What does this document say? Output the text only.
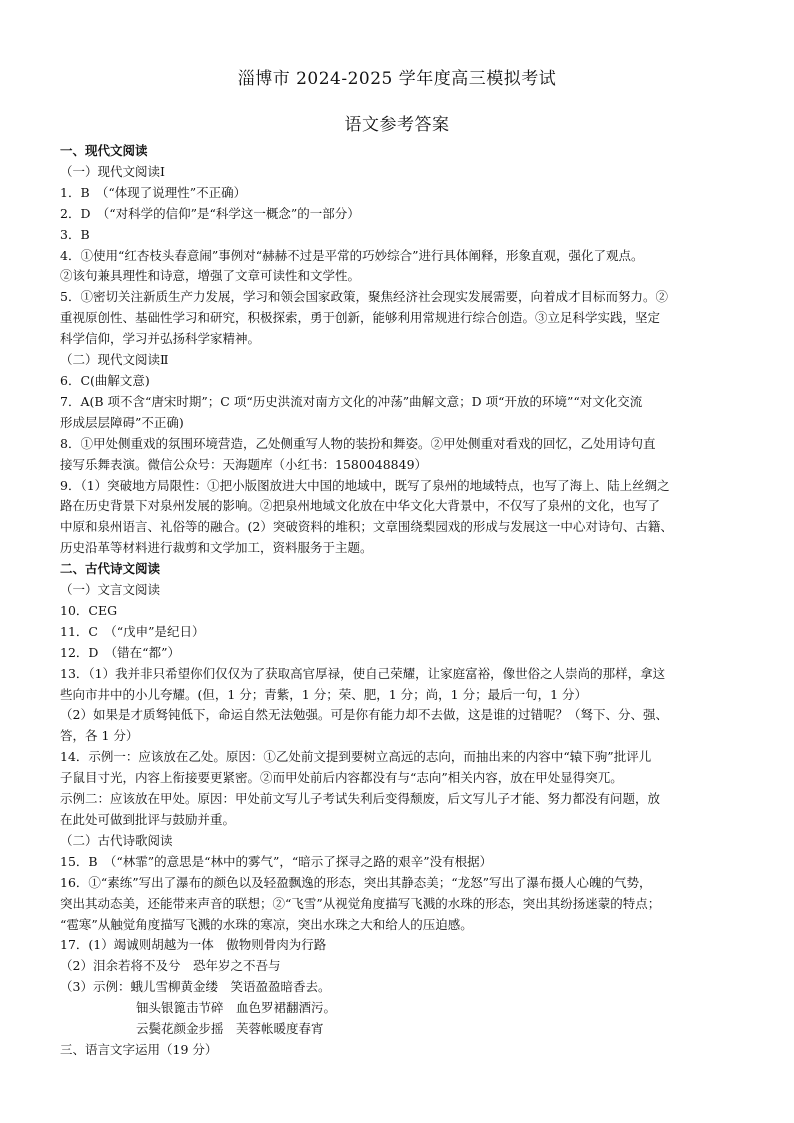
淄博市 2024-2025 学年度高三模拟考试
语文参考答案

一、现代文阅读

（一）现代文阅读Ⅰ

1．B　（“体现了说理性”不正确）

2．D　（“对科学的信仰”是“科学这一概念”的一部分）

3．B

4．①使用“红杏枝头春意闹”事例对“赫赫不过是平常的巧妙综合”进行具体阐释，形象直观，强化了观点。

②该句兼具理性和诗意，增强了文章可读性和文学性。

5．①密切关注新质生产力发展，学习和领会国家政策，聚焦经济社会现实发展需要，向着成才目标而努力。②

重视原创性、基础性学习和研究，积极探索，勇于创新，能够利用常规进行综合创造。③立足科学实践，坚定

科学信仰，学习并弘扬科学家精神。

（二）现代文阅读Ⅱ

6．C(曲解文意)

7．A(B 项不含“唐宋时期”；C 项“历史洪流对南方文化的冲荡”曲解文意；D 项“开放的环境”“对文化交流

形成层层障碍”不正确)

8．①甲处侧重戏的氛围环境营造，乙处侧重写人物的装扮和舞姿。②甲处侧重对看戏的回忆，乙处用诗句直

接写乐舞表演。微信公众号：天海题库（小红书：1580048849）

9．（1）突破地方局限性：①把小版图放进大中国的地域中，既写了泉州的地域特点，也写了海上、陆上丝绸之

路在历史背景下对泉州发展的影响。②把泉州地域文化放在中华文化大背景中，不仅写了泉州的文化，也写了

中原和泉州语言、礼俗等的融合。(2）突破资料的堆积；文章围绕梨园戏的形成与发展这一中心对诗句、古籍、

历史沿革等材料进行裁剪和文学加工，资料服务于主题。

二、古代诗文阅读

（一）文言文阅读

10．CEG

11．C　（“戊申”是纪日）

12．D　（错在“都”）

13．（1）我并非只希望你们仅仅为了获取高官厚禄，使自己荣耀，让家庭富裕，像世俗之人崇尚的那样，拿这

些向市井中的小儿夸耀。(但，1 分；青紫，1 分；荣、肥，1 分；尚，1 分；最后一句，1 分）

（2）如果是才质驽钝低下，命运自然无法勉强。可是你有能力却不去做，这是谁的过错呢？（驽下、分、强、

答，各 1 分）

14．示例一：应该放在乙处。原因：①乙处前文提到要树立高远的志向，而抽出来的内容中“辕下驹”批评儿

子鼠目寸光，内容上衔接要更紧密。②而甲处前后内容都没有与“志向”相关内容，放在甲处显得突兀。

示例二：应该放在甲处。原因：甲处前文写儿子考试失利后变得颓废，后文写儿子才能、努力都没有问题，放

在此处可做到批评与鼓励并重。

（二）古代诗歌阅读

15．B　（“林霏”的意思是“林中的雾气”，“暗示了探寻之路的艰辛”没有根据）

16．①“素练”写出了瀑布的颜色以及轻盈飘逸的形态，突出其静态美；“龙怒”写出了瀑布摄人心魄的气势，

突出其动态美，还能带来声音的联想；②“飞雪”从视觉角度描写飞溅的水珠的形态，突出其纷扬迷蒙的特点；

“雹寒”从触觉角度描写飞溅的水珠的寒凉，突出水珠之大和给人的压迫感。

17．(1）竭诚则胡越为一体　傲物则骨肉为行路

（2）泪余若将不及兮　恐年岁之不吾与

（3）示例：蛾儿雪柳黄金缕　笑语盈盈暗香去。

钿头银篦击节碎　血色罗裙翻酒污。

云鬓花颜金步摇　芙蓉帐暖度春宵

三、语言文字运用（19 分）
